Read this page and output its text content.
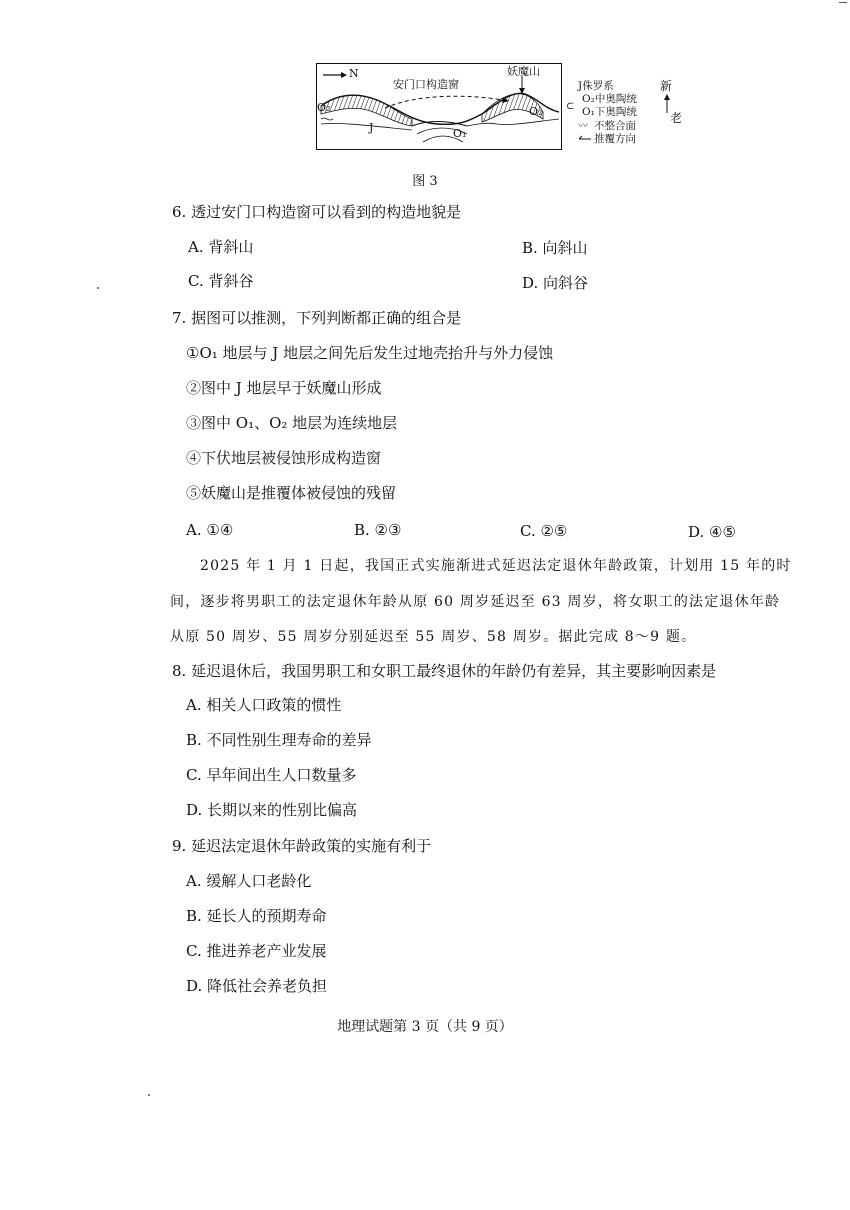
N
安门口构造窗
妖魔山
O₂	O₂
J	O₁
J侏罗系
O₂中奥陶统
O₁下奥陶统
⊂
〰 不整合面
推覆方向
新
老
图 3
6. 透过安门口构造窗可以看到的构造地貌是
A. 背斜山	B. 向斜山
C. 背斜谷	D. 向斜谷
7. 据图可以推测，下列判断都正确的组合是
①O₁ 地层与 J 地层之间先后发生过地壳抬升与外力侵蚀
②图中 J 地层早于妖魔山形成
③图中 O₁、O₂ 地层为连续地层
④下伏地层被侵蚀形成构造窗
⑤妖魔山是推覆体被侵蚀的残留
A. ①④	B. ②③	C. ②⑤	D. ④⑤
2025 年 1 月 1 日起，我国正式实施渐进式延迟法定退休年龄政策，计划用 15 年的时
间，逐步将男职工的法定退休年龄从原 60 周岁延迟至 63 周岁，将女职工的法定退休年龄
从原 50 周岁、55 周岁分别延迟至 55 周岁、58 周岁。据此完成 8～9 题。
8. 延迟退休后，我国男职工和女职工最终退休的年龄仍有差异，其主要影响因素是
A. 相关人口政策的惯性
B. 不同性别生理寿命的差异
C. 早年间出生人口数量多
D. 长期以来的性别比偏高
9. 延迟法定退休年龄政策的实施有利于
A. 缓解人口老龄化
B. 延长人的预期寿命
C. 推进养老产业发展
D. 降低社会养老负担
地理试题第 3 页（共 9 页）
